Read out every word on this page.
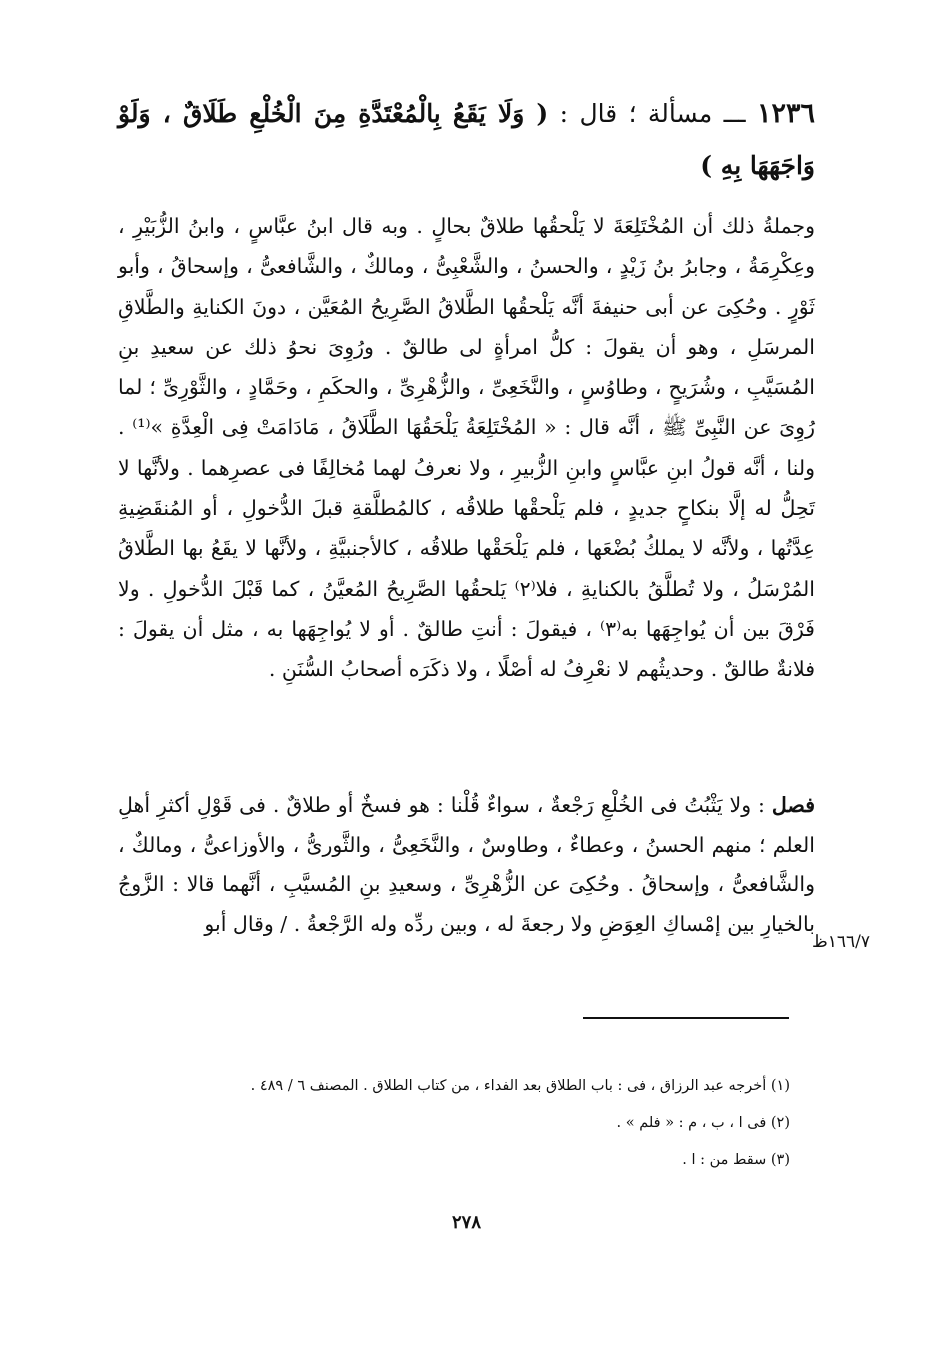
١٢٣٦ ـــ مسألة ؛ قال : ( وَلَا يَقَعُ بِالْمُعْتَدَّةِ مِنَ الْخُلْعِ طَلَاقٌ ، وَلَوْ وَاجَهَهَا بِهِ )
وجملةُ ذلك أن المُخْتَلِعَةَ لا يَلْحقُها طلاقٌ بحالٍ . وبه قال ابنُ عبَّاسٍ ، وابنُ الزُّبَيْرِ ، وعِكْرِمَةُ ، وجابرُ بنُ زَيْدٍ ، والحسنُ ، والشَّعْبِىُّ ، ومالكٌ ، والشَّافعىُّ ، وإسحاقُ ، وأبو ثَوْرٍ . وحُكِىَ عن أبى حنيفةَ أنَّه يَلْحقُها الطَّلاقُ الصَّرِيحُ المُعَيَّن ، دونَ الكنايةِ والطَّلاقِ المرسَلِ ، وهو أن يقولَ : كلُّ امرأةٍ لى طالقٌ . ورُوِىَ نحوُ ذلك عن سعيدِ بنِ المُسَيَّبِ ، وشُرَيحٍ ، وطاوُسٍ ، والنَّخَعِىِّ ، والزُّهْرِىِّ ، والحكَمِ ، وحَمَّادٍ ، والثَّوْرِىِّ ؛ لما رُوِىَ عن النَّبِىِّ ﷺ ، أنَّه قال : « المُخْتَلِعَةُ يَلْحَقُهَا الطَّلَاقُ ، مَادَامَتْ فِى الْعِدَّةِ »⁽¹⁾ . ولنا ، أنَّه قولُ ابنِ عبَّاسٍ وابنِ الزُّبيرِ ، ولا نعرفُ لهما مُخالِفًا فى عصرِهما . ولأنَّها لا تَحِلُّ له إلَّا بنكاحٍ جديدٍ ، فلم يَلْحقْها طلاقُه ، كالمُطلَّقةِ قبلَ الدُّخولِ ، أو المُنقَضِيةِ عِدَّتُها ، ولأنَّه لا يملكُ بُضْعَها ، فلم يَلْحَقْها طلاقُه ، كالأجنبيَّةِ ، ولأنَّها لا يقَعُ بها الطَّلاقُ المُرْسَلُ ، ولا تُطلَّقُ بالكنايةِ ، فلا⁽٢⁾ يَلحقُها الصَّرِيحُ المُعيَّنُ ، كما قَبْلَ الدُّخولِ . ولا فَرْقَ بين أن يُواجِهَها به⁽٣⁾ ، فيقولَ : أنتِ طالقٌ . أو لا يُواجِهَها به ، مثل أن يقولَ : فلانةٌ طالقٌ . وحديثُهم لا نعْرِفُ له أصْلًا ، ولا ذكَرَه أصحابُ السُّنَنِ .
فصل : ولا يَثْبُتُ فى الخُلْعِ رَجْعةٌ ، سواءٌ قُلْنا : هو فسخٌ أو طلاقٌ . فى قَوْلِ أكثرِ أهلِ العلم ؛ منهم الحسنُ ، وعطاءٌ ، وطاوسٌ ، والنَّخَعِىُّ ، والثَّورىُّ ، والأوزاعىُّ ، ومالكٌ ، والشَّافعىُّ ، وإسحاقُ . وحُكِىَ عن الزُّهْرِىِّ ، وسعيدِ بنِ المُسيَّبِ ، أنَّهما قالا : الزَّوجُ بالخيارِ بين إمْساكِ العِوَضِ ولا رجعةَ له ، وبين ردِّه وله الرَّجْعةُ . / وقال أبو
١٦٦/٧ظ
(١) أخرجه عبد الرزاق ، فى : باب الطلاق بعد الفداء ، من كتاب الطلاق . المصنف ٦ / ٤٨٩ .
(٢) فى ا ، ب ، م : « فلم » .
(٣) سقط من : ا .
٢٧٨
